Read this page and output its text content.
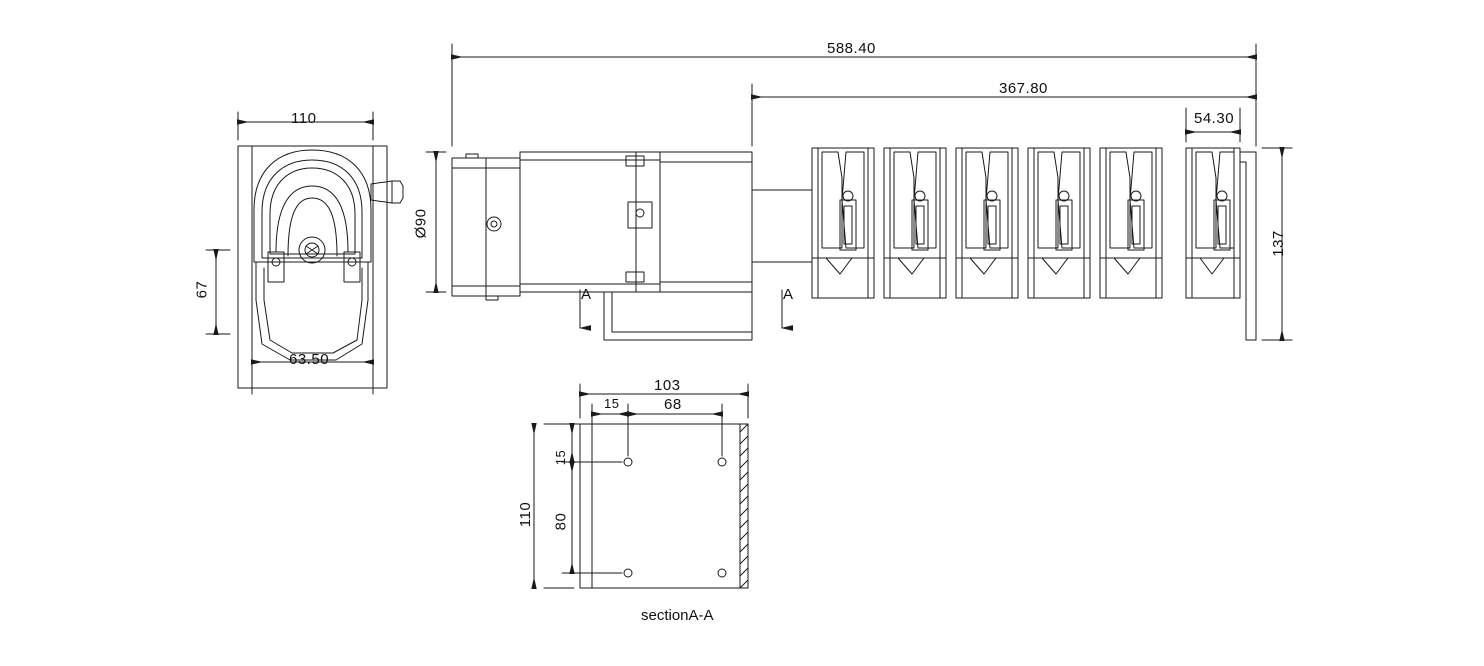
588.40
367.80
54.30
110
63.50
67
Ø90
137
A	A
103
68
15
110
15
80
sectionA-A
